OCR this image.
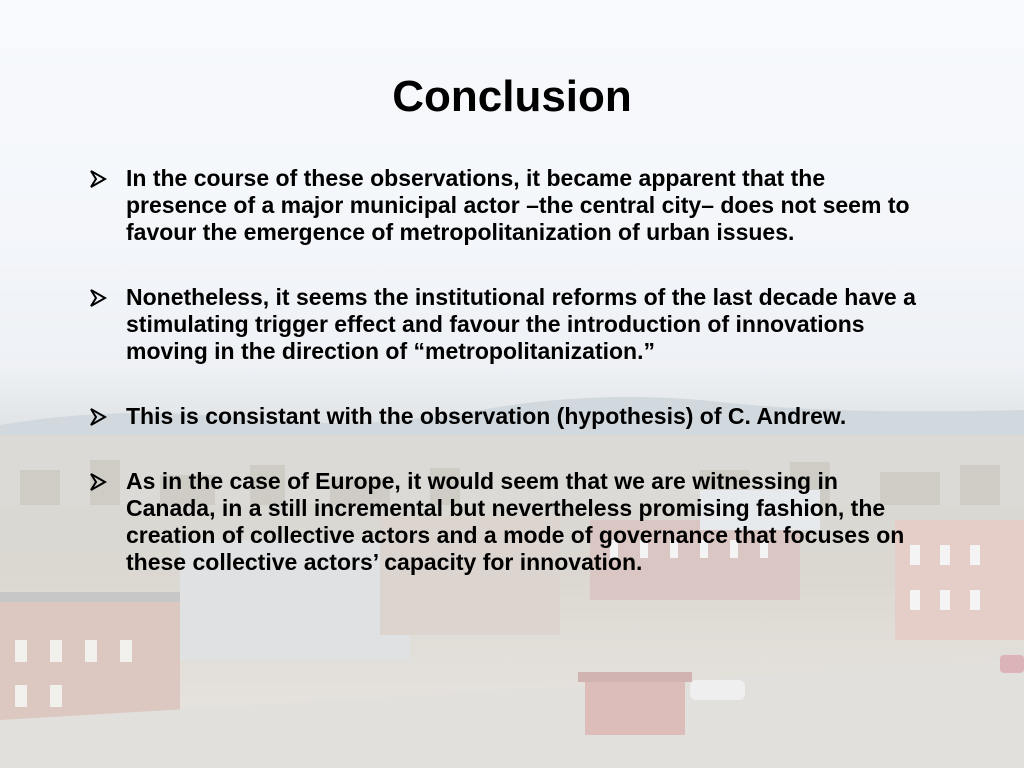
Conclusion
In the course of these observations, it became apparent that the presence of a major municipal actor –the central city– does not seem to favour the emergence of metropolitanization of urban issues.
Nonetheless, it seems the institutional reforms of the last decade have a stimulating trigger effect and favour the introduction of innovations moving in the direction of “metropolitanization.”
This is consistant with the observation (hypothesis) of C. Andrew.
As in the case of Europe, it would seem that we are witnessing in Canada, in a still incremental but nevertheless promising fashion, the creation of collective actors and a mode of governance that focuses on these collective actors’ capacity for innovation.
